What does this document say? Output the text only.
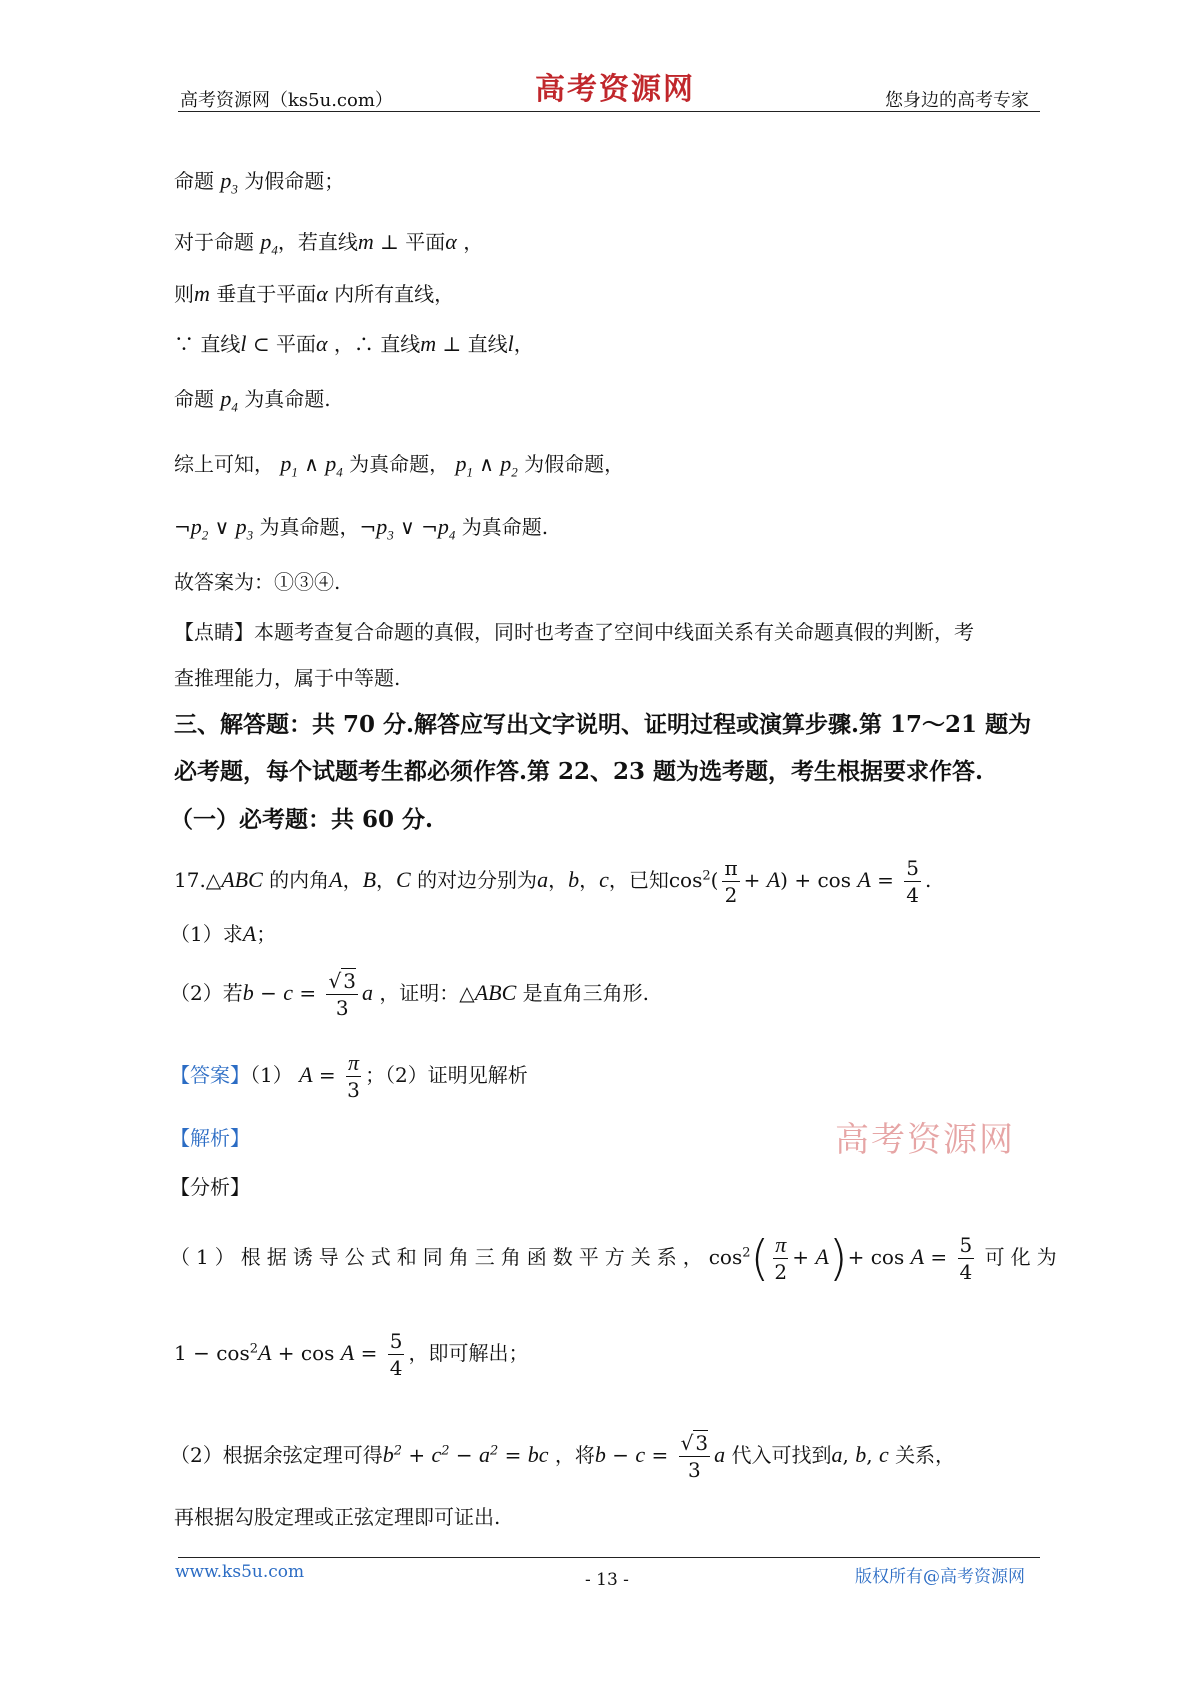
高考资源网（ks5u.com）	高考资源网	您身边的高考专家
命题 $p_3$ 为假命题；
对于命题 $p_4$，若直线m ⊥ 平面α ，
则m 垂直于平面α 内所有直线，
∵ 直线l ⊂ 平面α ，∴ 直线m ⊥ 直线l，
命题 $p_4$ 为真命题.
综上可知， $p_1$ ∧ $p_4$ 为真命题， $p_1$ ∧ $p_2$ 为假命题，
$\neg p_2$ ∨ $p_3$ 为真命题，$\neg p_3$ ∨ $\neg p_4$ 为真命题.
故答案为：①③④.
【点睛】本题考查复合命题的真假，同时也考查了空间中线面关系有关命题真假的判断，考
查推理能力，属于中等题.
三、解答题：共 70 分.解答应写出文字说明、证明过程或演算步骤.第 17～21 题为
必考题，每个试题考生都必须作答.第 22、23 题为选考题，考生根据要求作答.
（一）必考题：共 60 分.
17.△ABC 的内角A，B，C 的对边分别为a，b，c，已知$\cos^2( \frac{\pi}{2} + A) + \cos A = \frac{5}{4}$ .
（1）求A；
（2）若$b - c = \frac{√ 3}{3}$ a ，证明：△ABC 是直角三角形.
【答案】（1） $A = \frac{\pi}{3}$ ；（2）证明见解析
【解析】	高考资源网
【分析】
（1）根据诱导公式和同角三角函数平方关系，$\cos^2( \frac{\pi}{2} + A)+ \cos A = \frac{5}{4}$ 可化为
$1 - \cos^2A + \cos A = \frac{5}{4}$ ，即可解出；
（2）根据余弦定理可得$b^2 + c^2 - a^2$ = bc ，将$b - c = \frac{√ 3}{3}$ a 代入可找到a, b, c 关系，
再根据勾股定理或正弦定理即可证出.
www.ks5u.com	- 13 -	版权所有@高考资源网
